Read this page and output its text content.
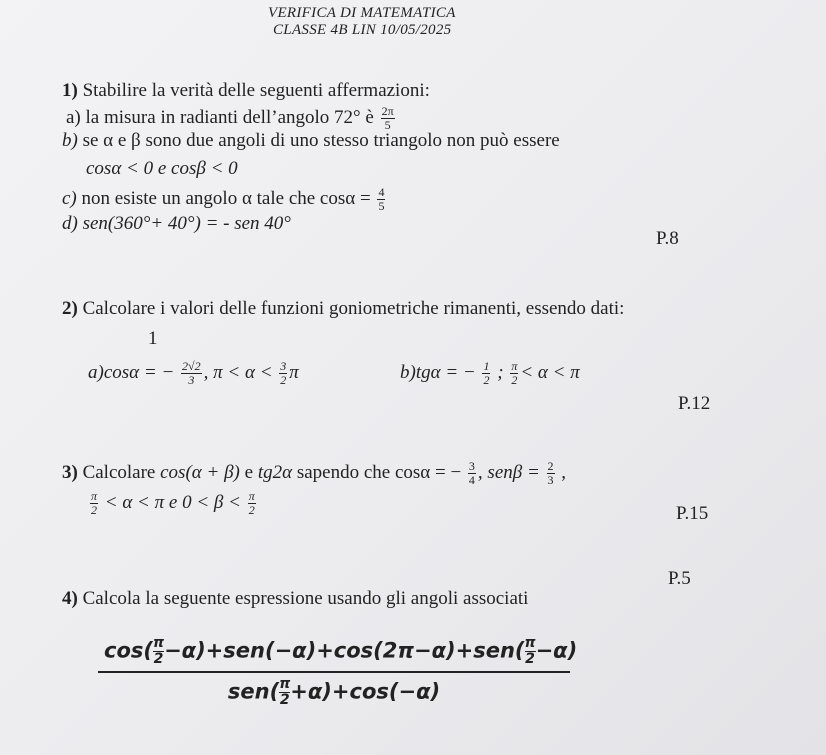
VERIFICA DI MATEMATICA
CLASSE 4B LIN 10/05/2025
1) Stabilire la verità delle seguenti affermazioni:
a) la misura in radianti dell’angolo 72° è $\frac{2\pi}{5}$
b) se α e β sono due angoli di uno stesso triangolo non può essere
cosα < 0 e cosβ < 0
c) non esiste un angolo α tale che $\cos\alpha = \frac{4}{5}$
d) sen(360°+ 40°) = - sen 40°
P.8
2) Calcolare i valori delle funzioni goniometriche rimanenti, essendo dati:
1
a)cosα = − $\frac{2√2}{3}$ , $\pi < \alpha < \frac{3}{2}$ π	b)tgα = − $\frac{1}{2}$ ; $\frac{\pi}{2} < \alpha < \pi$
P.12
3) Calcolare cos(α + β) e tg2α sapendo che cosα = − $\frac{3}{4}$ , $sen\beta = \frac{2}{3}$ ,
$\frac{\pi}{2} < \alpha < \pi$ e $0 < \beta < \frac{\pi}{2}$	P.15
4) Calcola la seguente espressione usando gli angoli associati
P.5
$\cos( \frac{\pi}{2} -\alpha)+sen(-\alpha)+\cos(2\pi-\alpha)+sen( \frac{\pi}{2} -\alpha)$
$sen( \frac{\pi}{2} +\alpha)+\cos(-\alpha)$
